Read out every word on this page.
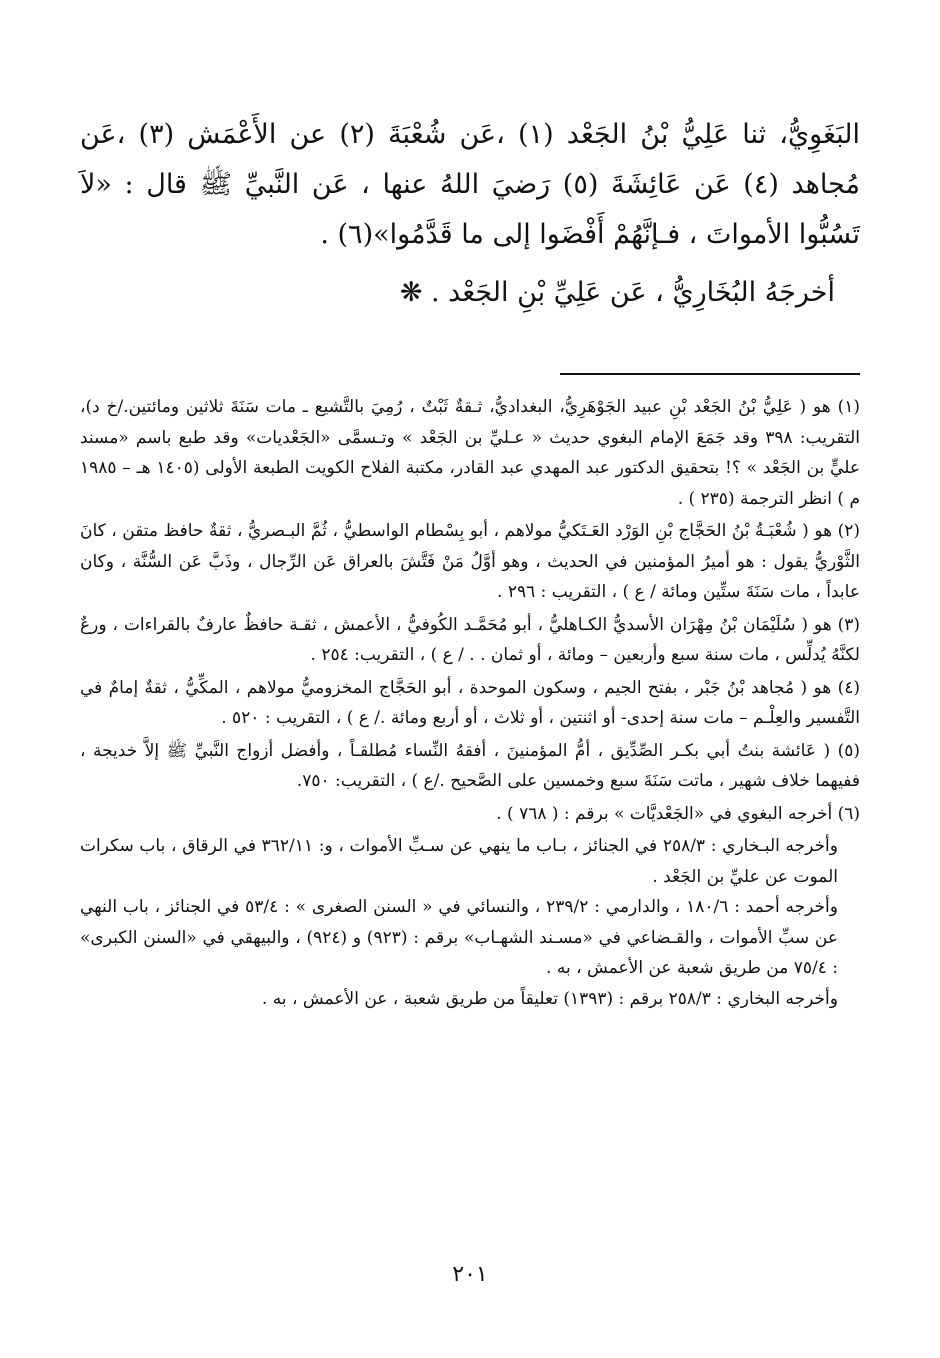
البَغَوِيُّ، ثنا عَلِيُّ بْنُ الجَعْد (١) ،عَن شُعْبَةَ (٢) عن الأَعْمَش (٣) ،عَن مُجاهد (٤) عَن عَائِشَةَ (٥) رَضيَ اللهُ عنها ، عَن النَّبيِّ ﷺ قال : «لاَ تَسُبُّوا الأمواتَ ، فـإنَّهُمْ أَفْضَوا إلى ما قَدَّمُوا»(٦) .

أخرجَهُ البُخَارِيُّ ، عَن عَلِيِّ بْنِ الجَعْد . ❋

(١) هو ( عَلِيُّ بْنُ الجَعْد بْنِ عبيد الجَوْهَرِيُّ، البغداديُّ، ثـقةٌ ثَبْتٌ ، رُمِيَ بالتَّشيع ـ مات سَنَةَ ثلاثين ومائتين./خ د)، التقريب: ٣٩٨ وقد جَمَعَ الإمام البغوي حديث « عـليِّ بن الجَعْد » وتـسمَّى «الجَعْديات» وقد طبع باسم «مسند عليٍّ بن الجَعْد » ؟! بتحقيق الدكتور عبد المهدي عبد القادر، مكتبة الفلاح الكويت الطبعة الأولى (١٤٠٥ هـ – ١٩٨٥ م ) انظر الترجمة (٢٣٥ ) .

(٢) هو ( شُعْبَـةُ بْنُ الحَجَّاج بْنِ الوَرْد العَـتَكيُّ مولاهم ، أبو بِسْطام الواسطيُّ ، ثُمَّ البـصريُّ ، ثقةٌ حافظ متقن ، كانَ الثَّوْريُّ يقول : هو أميرُ المؤمنين في الحديث ، وهو أوَّلُ مَنْ فَتَّشَ بالعراق عَن الرِّجال ، وذَبَّ عَن السُّنَّة ، وكان عابداً ، مات سَنَةَ ستِّين ومائة / ع ) ، التقريب : ٢٩٦ .

(٣) هو ( سُلَيْمَان بْنُ مِهْرَان الأسديُّ الكـاهليُّ ، أبو مُحَمَّـد الكُوفيُّ ، الأعمش ، ثقـة حافظٌ عارفٌ بالقراءات ، ورعٌ لكنَّهُ يُدلِّس ، مات سنة سبع وأربعين – ومائة ، أو ثمان . . / ع ) ، التقريب: ٢٥٤ .

(٤) هو ( مُجاهد بْنُ جَبْر ، بفتح الجيم ، وسكون الموحدة ، أبو الحَجَّاج المخزوميُّ مولاهم ، المكِّيُّ ، ثقةٌ إمامٌ في التَّفسير والعِلْـم – مات سنة إحدى- أو اثنتين ، أو ثلاث ، أو أربع ومائة ./ ع ) ، التقريب : ٥٢٠ .

(٥) ( عَائشة بنتُ أبي بكـر الصِّدِّيق ، أمُّ المؤمنينَ ، أفقهُ النِّساء مُطلقـاً ، وأفضل أزواج النَّبيِّ ﷺ إلاَّ خديجة ، ففيهما خلاف شهير ، ماتت سَنَةَ سبع وخمسين على الصَّحيح ./ع ) ، التقريب: ٧٥٠.

(٦) أخرجه البغوي في «الجَعْديَّات » برقم : ( ٧٦٨ ) .

وأخرجه البـخاري : ٢٥٨/٣ في الجنائز ، بـاب ما ينهي عن سـبِّ الأموات ، و: ٣٦٢/١١ في الرقاق ، باب سكرات الموت عن عليِّ بن الجَعْد .

وأخرجه أحمد : ١٨٠/٦ ، والدارمي : ٢٣٩/٢ ، والنسائي في « السنن الصغرى » : ٥٣/٤ في الجنائز ، باب النهي عن سبِّ الأموات ، والقـضاعي في «مسـند الشهـاب» برقم : (٩٢٣) و (٩٢٤) ، والبيهقي في «السنن الكبرى» : ٧٥/٤ من طريق شعبة عن الأعمش ، به .

وأخرجه البخاري : ٢٥٨/٣ برقم : (١٣٩٣) تعليقاً من طريق شعبة ، عن الأعمش ، به .

٢٠١
